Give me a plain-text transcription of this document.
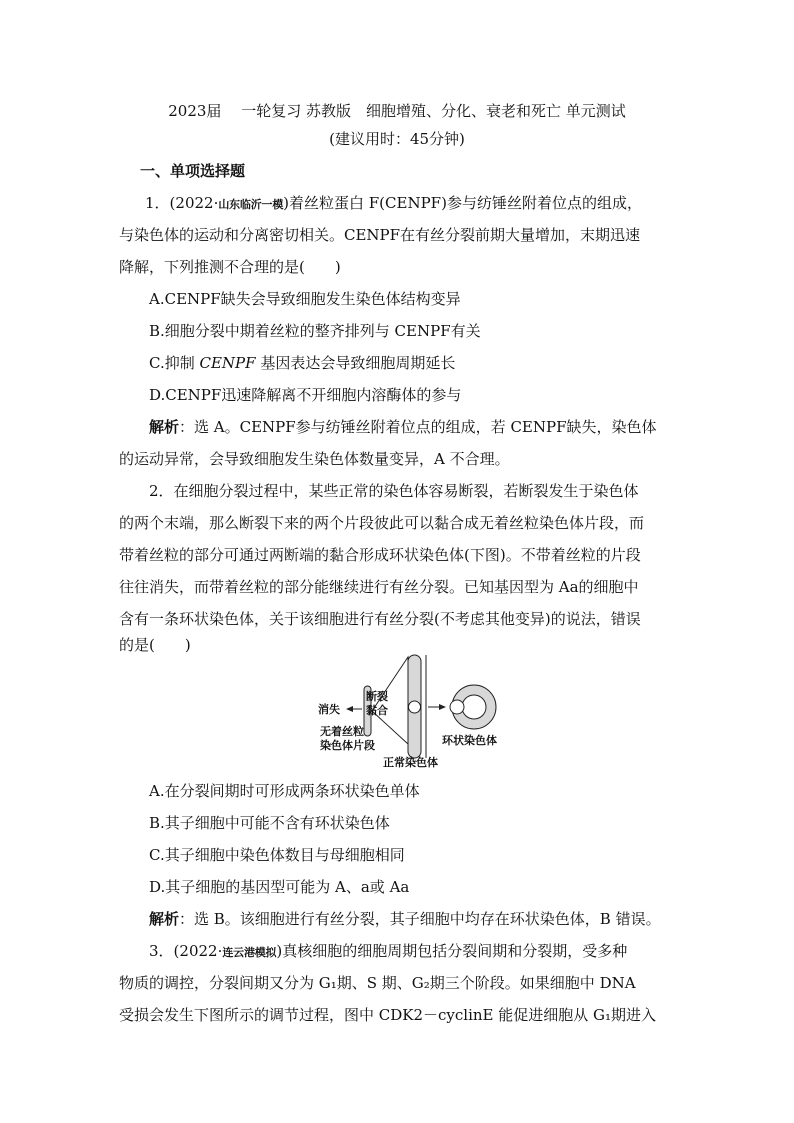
2023届　 一轮复习 苏教版　细胞增殖、分化、衰老和死亡 单元测试
(建议用时：45分钟)
一、单项选择题
1．(2022·山东临沂一模)着丝粒蛋白 F(CENPF)参与纺锤丝附着位点的组成，
与染色体的运动和分离密切相关。CENPF在有丝分裂前期大量增加，末期迅速
降解，下列推测不合理的是(　　)
A.CENPF缺失会导致细胞发生染色体结构变异
B.细胞分裂中期着丝粒的整齐排列与 CENPF有关
C.抑制 CENPF 基因表达会导致细胞周期延长
D.CENPF迅速降解离不开细胞内溶酶体的参与
解析：选 A。CENPF参与纺锤丝附着位点的组成，若 CENPF缺失，染色体
的运动异常，会导致细胞发生染色体数量变异，A 不合理。
2．在细胞分裂过程中，某些正常的染色体容易断裂，若断裂发生于染色体
的两个末端，那么断裂下来的两个片段彼此可以黏合成无着丝粒染色体片段，而
带着丝粒的部分可通过两断端的黏合形成环状染色体(下图)。不带着丝粒的片段
往往消失，而带着丝粒的部分能继续进行有丝分裂。已知基因型为 Aa的细胞中
含有一条环状染色体，关于该细胞进行有丝分裂(不考虑其他变异)的说法，错误
的是(　　)
消失
断裂
黏合
无着丝粒
染色体片段	环状染色体
正常染色体
A.在分裂间期时可形成两条环状染色单体
B.其子细胞中可能不含有环状染色体
C.其子细胞中染色体数目与母细胞相同
D.其子细胞的基因型可能为 A、a或 Aa
解析：选 B。该细胞进行有丝分裂，其子细胞中均存在环状染色体，B 错误。
3．(2022·连云港模拟)真核细胞的细胞周期包括分裂间期和分裂期，受多种
物质的调控，分裂间期又分为 G₁期、S 期、G₂期三个阶段。如果细胞中 DNA
受损会发生下图所示的调节过程，图中 CDK2－cyclinE 能促进细胞从 G₁期进入
